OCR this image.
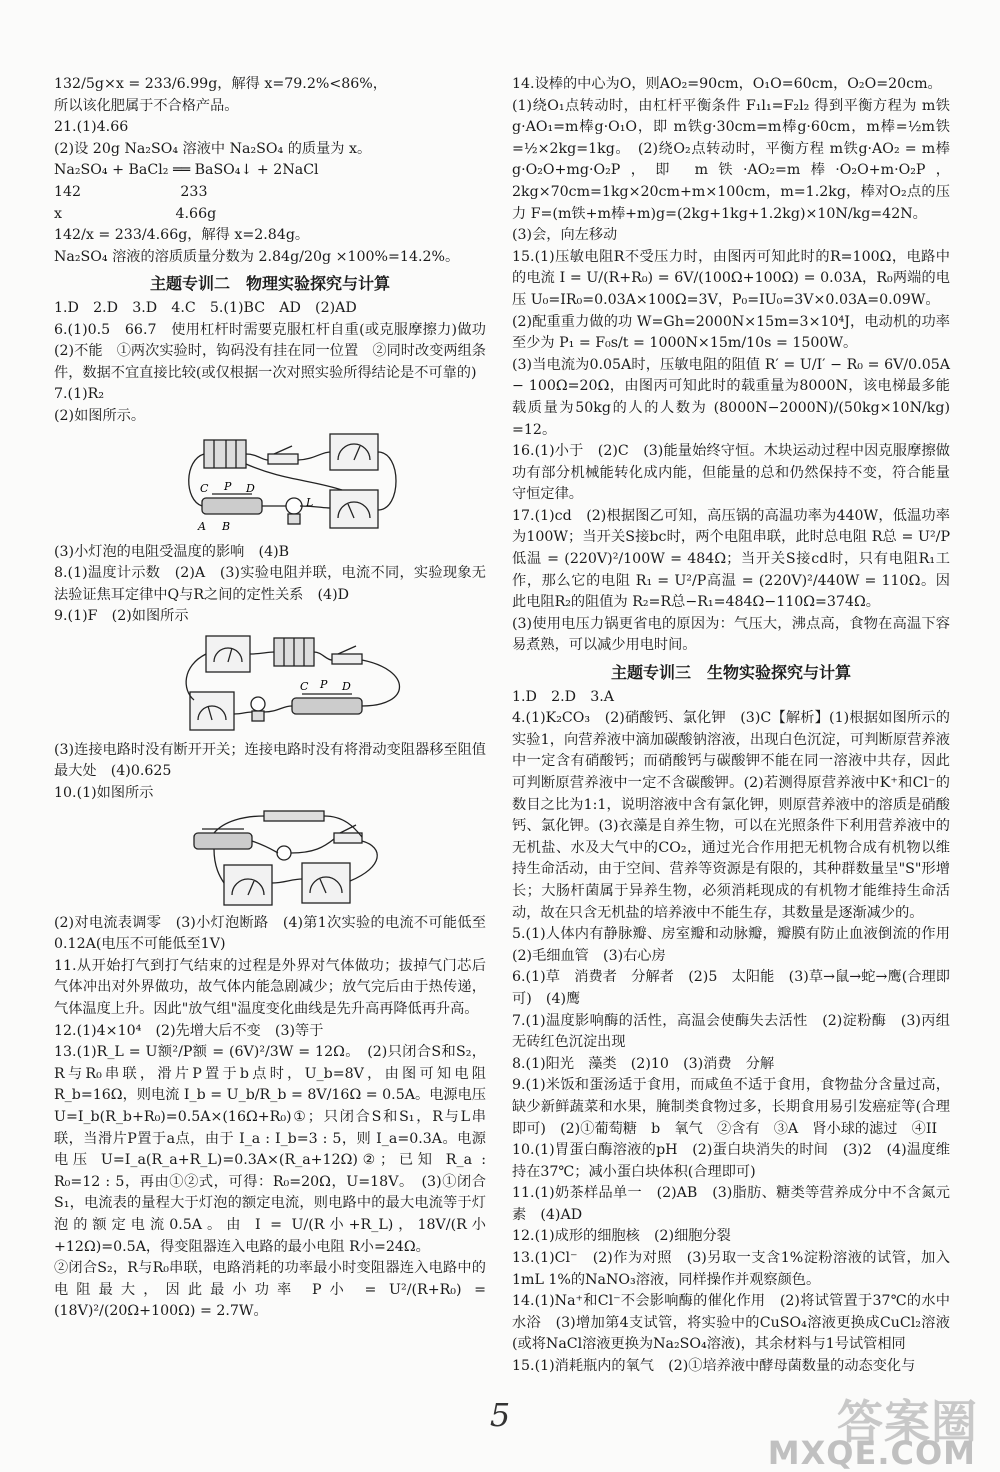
132/5g×x = 233/6.99g，解得 x=79.2%<86%，

所以该化肥属于不合格产品。

21.(1)4.66

(2)设 20g Na₂SO₄ 溶液中 Na₂SO₄ 的质量为 x。

Na₂SO₄ + BaCl₂ ══ BaSO₄↓ + 2NaCl

142　　　　　　　233

x　　　　　　　　4.66g

142/x = 233/4.66g，解得 x=2.84g。

Na₂SO₄ 溶液的溶质质量分数为 2.84g/20g ×100%=14.2%。

主题专训二　物理实验探究与计算

1.D　2.D　3.D　4.C　5.(1)BC　AD　(2)AD

6.(1)0.5　66.7　使用杠杆时需要克服杠杆自重(或克服摩擦力)做功　(2)不能　①两次实验时，钩码没有挂在同一位置　②同时改变两组条件，数据不宜直接比较(或仅根据一次对照实验所得结论是不可靠的)

7.(1)R₂

(2)如图所示。

C P D
A B
L

(3)小灯泡的电阻受温度的影响　(4)B

8.(1)温度计示数　(2)A　(3)实验电阻并联，电流不同，实验现象无法验证焦耳定律中Q与R之间的定性关系　(4)D

9.(1)F　(2)如图所示

C P D

(3)连接电路时没有断开开关；连接电路时没有将滑动变阻器移至阻值最大处　(4)0.625

10.(1)如图所示

(2)对电流表调零　(3)小灯泡断路　(4)第1次实验的电流不可能低至0.12A(电压不可能低至1V)

11.从开始打气到打气结束的过程是外界对气体做功；拔掉气门芯后气体冲出对外界做功，故气体内能急剧减少；放气完后由于热传递，气体温度上升。因此"放气组"温度变化曲线是先升高再降低再升高。

12.(1)4×10⁴　(2)先增大后不变　(3)等于

13.(1)R_L = U额²/P额 = (6V)²/3W = 12Ω。　(2)只闭合S和S₂，R与R₀串联，滑片P置于b点时，U_b=8V，由图可知电阻R_b=16Ω，则电流 I_b = U_b/R_b = 8V/16Ω = 0.5A。电源电压 U=I_b(R_b+R₀)=0.5A×(16Ω+R₀)①；只闭合S和S₁，R与L串联，当滑片P置于a点，由于 I_a : I_b=3 : 5，则 I_a=0.3A。电源电压 U=I_a(R_a+R_L)=0.3A×(R_a+12Ω)②；已知 R_a : R₀=12 : 5，再由①②式，可得：R₀=20Ω，U=18V。　(3)①闭合S₁，电流表的量程大于灯泡的额定电流，则电路中的最大电流等于灯泡的额定电流0.5A。由 I = U/(R小+R_L)，18V/(R小+12Ω)=0.5A，得变阻器连入电路的最小电阻 R小=24Ω。

②闭合S₂，R与R₀串联，电路消耗的功率最小时变阻器连入电路中的电阻最大，因此最小功率 P小 = U²/(R+R₀) = (18V)²/(20Ω+100Ω) = 2.7W。

14.设棒的中心为O，则AO₂=90cm，O₁O=60cm，O₂O=20cm。

(1)绕O₁点转动时，由杠杆平衡条件 F₁l₁=F₂l₂ 得到平衡方程为 m铁g·AO₁=m棒g·O₁O，即 m铁g·30cm=m棒g·60cm，m棒=½m铁 =½×2kg=1kg。　(2)绕O₂点转动时，平衡方程 m铁g·AO₂ = m棒g·O₂O+mg·O₂P，即 m铁·AO₂=m棒·O₂O+m·O₂P，2kg×70cm=1kg×20cm+m×100cm，m=1.2kg，棒对O₂点的压力 F=(m铁+m棒+m)g=(2kg+1kg+1.2kg)×10N/kg=42N。

(3)会，向左移动

15.(1)压敏电阻R不受压力时，由图丙可知此时的R=100Ω，电路中的电流 I = U/(R+R₀) = 6V/(100Ω+100Ω) = 0.03A，R₀两端的电压 U₀=IR₀=0.03A×100Ω=3V，P₀=IU₀=3V×0.03A=0.09W。

(2)配重重力做的功 W=Gh=2000N×15m=3×10⁴J，电动机的功率至少为 P₁ = F₀s/t = 1000N×15m/10s = 1500W。

(3)当电流为0.05A时，压敏电阻的阻值 R′ = U/I′ − R₀ = 6V/0.05A − 100Ω=20Ω，由图丙可知此时的载重量为8000N，该电梯最多能载质量为50kg的人的人数为 (8000N−2000N)/(50kg×10N/kg) =12。

16.(1)小于　(2)C　(3)能量始终守恒。木块运动过程中因克服摩擦做功有部分机械能转化成内能，但能量的总和仍然保持不变，符合能量守恒定律。

17.(1)cd　(2)根据图乙可知，高压锅的高温功率为440W，低温功率为100W；当开关S接bc时，两个电阻串联，此时总电阻 R总 = U²/P低温 = (220V)²/100W = 484Ω；当开关S接cd时，只有电阻R₁工作，那么它的电阻 R₁ = U²/P高温 = (220V)²/440W = 110Ω。因此电阻R₂的阻值为 R₂=R总−R₁=484Ω−110Ω=374Ω。

(3)使用电压力锅更省电的原因为：气压大，沸点高，食物在高温下容易煮熟，可以减少用电时间。

主题专训三　生物实验探究与计算

1.D　2.D　3.A

4.(1)K₂CO₃　(2)硝酸钙、氯化钾　(3)C【解析】(1)根据如图所示的实验1，向营养液中滴加碳酸钠溶液，出现白色沉淀，可判断原营养液中一定含有硝酸钙；而硝酸钙与碳酸钾不能在同一溶液中共存，因此可判断原营养液中一定不含碳酸钾。(2)若测得原营养液中K⁺和Cl⁻的数目之比为1:1，说明溶液中含有氯化钾，则原营养液中的溶质是硝酸钙、氯化钾。(3)衣藻是自养生物，可以在光照条件下利用营养液中的无机盐、水及大气中的CO₂，通过光合作用把无机物合成有机物以维持生命活动，由于空间、营养等资源是有限的，其种群数量呈"S"形增长；大肠杆菌属于异养生物，必须消耗现成的有机物才能维持生命活动，故在只含无机盐的培养液中不能生存，其数量是逐渐减少的。

5.(1)人体内有静脉瓣、房室瓣和动脉瓣，瓣膜有防止血液倒流的作用　(2)毛细血管　(3)右心房

6.(1)草　消费者　分解者　(2)5　太阳能　(3)草→鼠→蛇→鹰(合理即可)　(4)鹰

7.(1)温度影响酶的活性，高温会使酶失去活性　(2)淀粉酶　(3)丙组无砖红色沉淀出现

8.(1)阳光　藻类　(2)10　(3)消费　分解

9.(1)米饭和蛋汤适于食用，而咸鱼不适于食用，食物盐分含量过高，缺少新鲜蔬菜和水果，腌制类食物过多，长期食用易引发癌症等(合理即可)　(2)①葡萄糖　b　氧气　②含有　③A　肾小球的滤过　④II

10.(1)胃蛋白酶溶液的pH　(2)蛋白块消失的时间　(3)2　(4)温度维持在37℃；减小蛋白块体积(合理即可)

11.(1)奶茶样品单一　(2)AB　(3)脂肪、糖类等营养成分中不含氮元素　(4)AD

12.(1)成形的细胞核　(2)细胞分裂

13.(1)Cl⁻　(2)作为对照　(3)另取一支含1%淀粉溶液的试管，加入1mL 1%的NaNO₃溶液，同样操作并观察颜色。

14.(1)Na⁺和Cl⁻不会影响酶的催化作用　(2)将试管置于37℃的水中水浴　(3)增加第4支试管，将实验中的CuSO₄溶液更换成CuCl₂溶液(或将NaCl溶液更换为Na₂SO₄溶液)，其余材料与1号试管相同

15.(1)消耗瓶内的氧气　(2)①培养液中酵母菌数量的动态变化与

5	答案圈
MXQE.COM
